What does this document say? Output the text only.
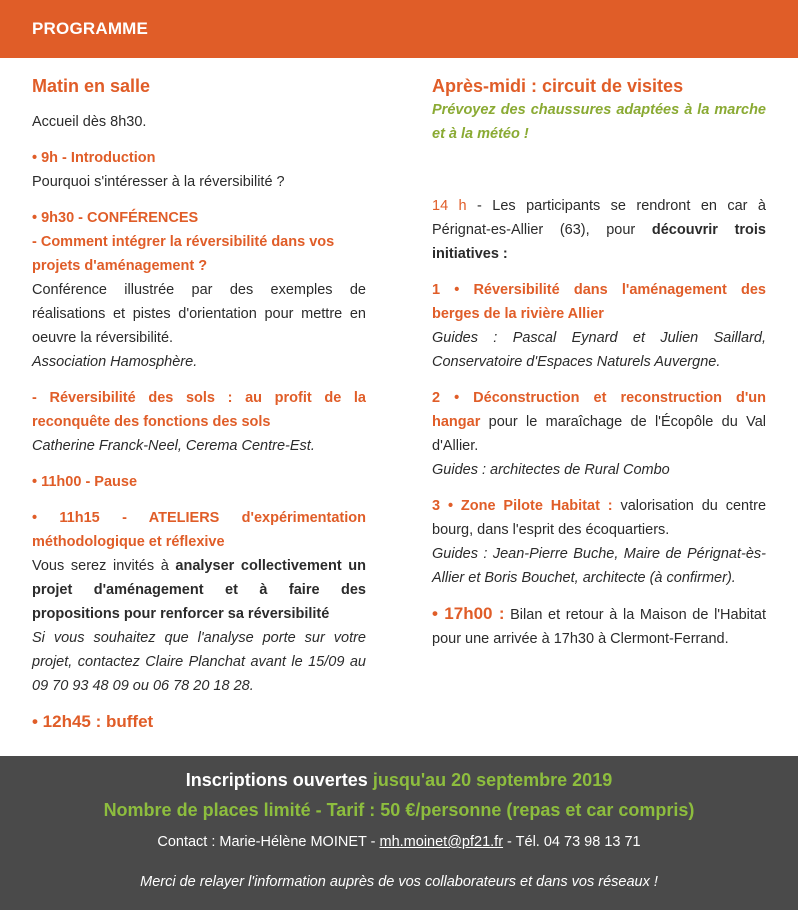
PROGRAMME
Matin en salle

Accueil dès 8h30.

• 9h - Introduction

Pourquoi s'intéresser à la réversibilité ?

• 9h30 - CONFÉRENCES

- Comment intégrer la réversibilité dans vos projets d'aménagement ?

Conférence illustrée par des exemples de réalisations et pistes d'orientation pour mettre en oeuvre la réversibilité.

Association Hamosphère.

- Réversibilité des sols : au profit de la reconquête des fonctions des sols

Catherine Franck-Neel, Cerema Centre-Est.

• 11h00 - Pause

• 11h15 - ATELIERS d'expérimentation méthodologique et réflexive

Vous serez invités à analyser collectivement un projet d'aménagement et à faire des propositions pour renforcer sa réversibilité

Si vous souhaitez que l'analyse porte sur votre projet, contactez Claire Planchat avant le 15/09 au 09 70 93 48 09 ou 06 78 20 18 28.

• 12h45 : buffet

Après-midi : circuit de visites

Prévoyez des chaussures adaptées à la marche et à la météo !

14 h - Les participants se rendront en car à Pérignat-es-Allier (63), pour découvrir trois initiatives :

1 • Réversibilité dans l'aménagement des berges de la rivière Allier

Guides : Pascal Eynard et Julien Saillard, Conservatoire d'Espaces Naturels Auvergne.

2 • Déconstruction et reconstruction d'un hangar pour le maraîchage de l'Écopôle du Val d'Allier.

Guides : architectes de Rural Combo

3 • Zone Pilote Habitat : valorisation du centre bourg, dans l'esprit des écoquartiers.

Guides : Jean-Pierre Buche, Maire de Pérignat-ès-Allier et Boris Bouchet, architecte (à confirmer).

• 17h00 : Bilan et retour à la Maison de l'Habitat pour une arrivée à 17h30 à Clermont-Ferrand.

Inscriptions ouvertes jusqu'au 20 septembre 2019
Nombre de places limité - Tarif : 50 €/personne (repas et car compris)
Contact : Marie-Hélène MOINET - mh.moinet@pf21.fr - Tél. 04 73 98 13 71
Merci de relayer l'information auprès de vos collaborateurs et dans vos réseaux !
